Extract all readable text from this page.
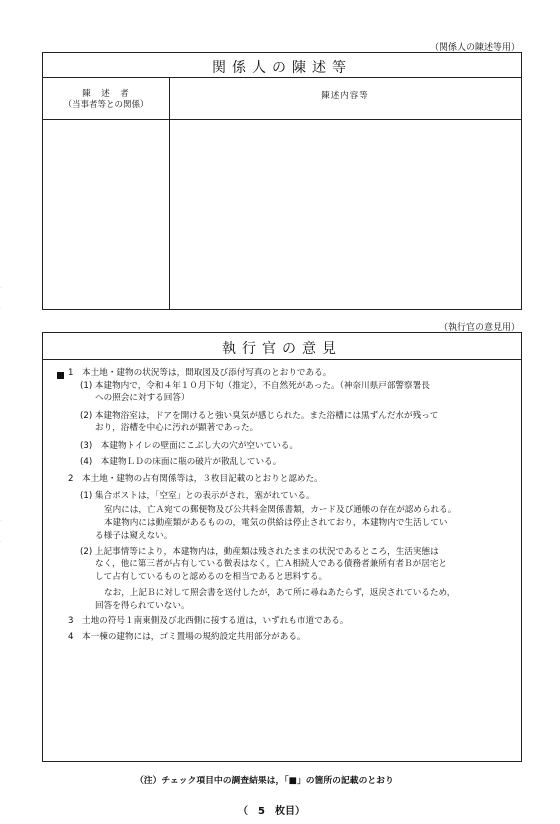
（関係人の陳述等用）
関係人の陳述等
陳　述　者
（当事者等との関係）
陳述内容等
（執行官の意見用）
執行官の意見
1　本土地・建物の状況等は，間取図及び添付写真のとおりである。
(1) 本建物内で，令和４年１０月下旬（推定），不自然死があった。（神奈川県戸部警察署長
への照会に対する回答）
(2) 本建物浴室は，ドアを開けると強い臭気が感じられた。また浴槽には黒ずんだ水が残って
おり，浴槽を中心に汚れが顕著であった。
(3)　本建物トイレの壁面にこぶし大の穴が空いている。
(4)　本建物ＬＤの床面に瓶の破片が散乱している。
2　本土地・建物の占有関係等は，３枚目記載のとおりと認めた。
(1) 集合ポストは，「空室」との表示がされ，塞がれている。
室内には，亡Ａ宛ての郵便物及び公共料金関係書類，カード及び通帳の存在が認められる。
本建物内には動産類があるものの，電気の供給は停止されており，本建物内で生活してい
る様子は窺えない。
(2) 上記事情等により，本建物内は，動産類は残されたままの状況であるところ，生活実態は
なく，他に第三者が占有している徴表はなく，亡Ａ相続人である債務者兼所有者Ｂが居宅と
して占有しているものと認めるのを相当であると思料する。
なお，上記Ｂに対して照会書を送付したが，あて所に尋ねあたらず，返戻されているため，
回答を得られていない。
3　土地の符号１南東側及び北西側に接する道は，いずれも市道である。
4　本一棟の建物には，ゴミ置場の規約設定共用部分がある。
（注）チェック項目中の調査結果は，「■」の箇所の記載のとおり
（　5　枚目）
